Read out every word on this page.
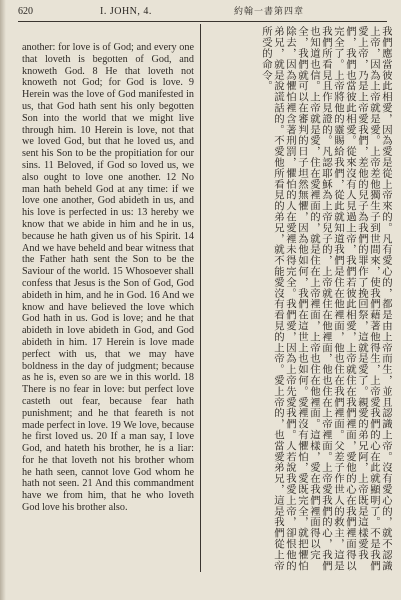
620	I. JOHN, 4.	約翰一書第四章
another: for love is of God; and every one that loveth is begotten of God, and knoweth God. 8 He that loveth not knoweth not God; for God is love. 9 Herein was the love of God manifested in us, that God hath sent his only begotten Son into the world that we might live through him. 10 Herein is love, not that we loved God, but that he loved us, and sent his Son to be the propitiation for our sins. 11 Beloved, if God so loved us, we also ought to love one another. 12 No man hath beheld God at any time: if we love one another, God abideth in us, and his love is perfected in us: 13 hereby we know that we abide in him and he in us, because he hath given us of his Spirit. 14 And we have beheld and bear witness that the Father hath sent the Son to be the Saviour of the world. 15 Whosoever shall confess that Jesus is the Son of God, God abideth in him, and he in God. 16 And we know and have believed the love which God hath in us. God is love; and he that abideth in love abideth in God, and God abideth in him. 17 Herein is love made perfect with us, that we may have boldness in the day of judgment; because as he is, even so are we in this world. 18 There is no fear in love: but perfect love casteth out fear, because fear hath punishment; and he that feareth is not made perfect in love. 19 We love, because he first loved us. 20 If a man say, I love God, and hateth his brother, he is a liar: for he that loveth not his brother whom he hath seen, cannot love God whom he hath not seen. 21 And this commandment have we from him, that he who loveth God love his brother also.	我們應當彼此相愛，因為愛是從上帝來的。凡有愛心的，都是由上帝而生，並且認識上帝。沒有愛心的，就不認識上帝，因為上帝就是愛。上帝差他獨生子到世間來，使我們藉著他得生，上帝愛我們的心在此就顯明了。不是我們愛上帝，乃是上帝愛我們，差他的兒子為我們的罪作了挽回祭，這就是愛了。親愛的弟兄阿，上帝既是這樣愛我們，我們也當彼此相愛。從來沒有人見過上帝，我們若彼此相愛，上帝就住在我們裡面，愛他的心在我們裡面得以完全了。上帝將他的靈賜給我們，從此就知道我們是住在他裡面，他也住在我們裡面。父差子作世人的救主，這是我們所看見且作見證的。凡認耶穌為上帝兒子的，上帝就住在他裡面，他也住在上帝裡面。上帝愛我們的心，我們也知道也信。上帝就是愛，住在愛裡面的，就是住在上帝裡面，上帝也住在他裡面。這樣，愛在我們裡面得以完全，我們就可以在審判的日子坦然無懼，因為他如何，我們在這世上也如何。愛裡沒有懼怕，愛既完全，就把懼怕除去，因為懼怕裡含著刑罰，懼怕的人在愛裡未得完全。我們愛，因為上帝先愛我們。人若說我愛上帝，卻恨他的弟兄，就是說謊話的。不愛他所看見的弟兄，就不能愛沒有看見的上帝。愛上帝的，也當愛弟兄，這是我們從上帝所受的命令。
